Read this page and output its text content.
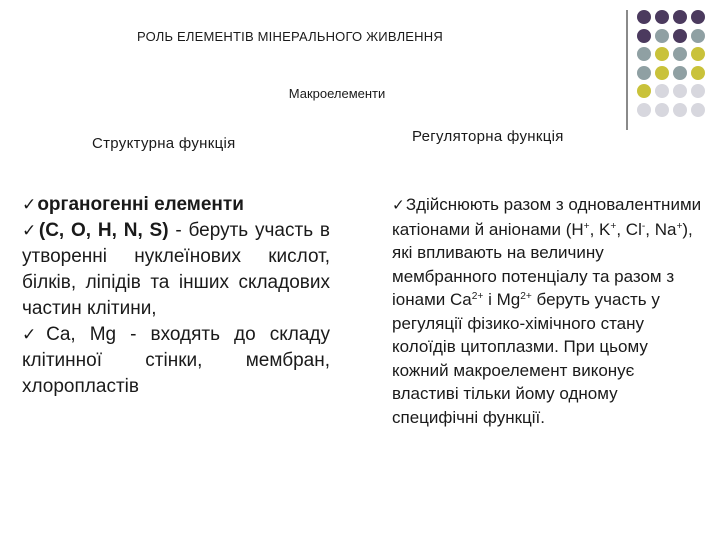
РОЛЬ ЕЛЕМЕНТІВ МІНЕРАЛЬНОГО ЖИВЛЕННЯ
Макроелементи
Структурна функція	Регуляторна функція

✓органогенні елементи

✓(C, O, H, N, S) - беруть участь в утворенні нуклеїнових кислот, білків, ліпідів та інших складових частин клітини,

✓Ca, Mg - входять до складу клітинної стінки, мембран, хлоропластів

✓Здійснюють разом з одновалентними катіонами й аніонами (H+, K+, Cl-, Na+), які впливають на величину мембранного потенціалу та разом з іонами $Ca^{2+}$ і $Mg^{2+}$ беруть участь у регуляції фізико-хімічного стану колоїдів цитоплазми. При цьому кожний макроелемент виконує властиві тільки йому одному специфічні функції.
